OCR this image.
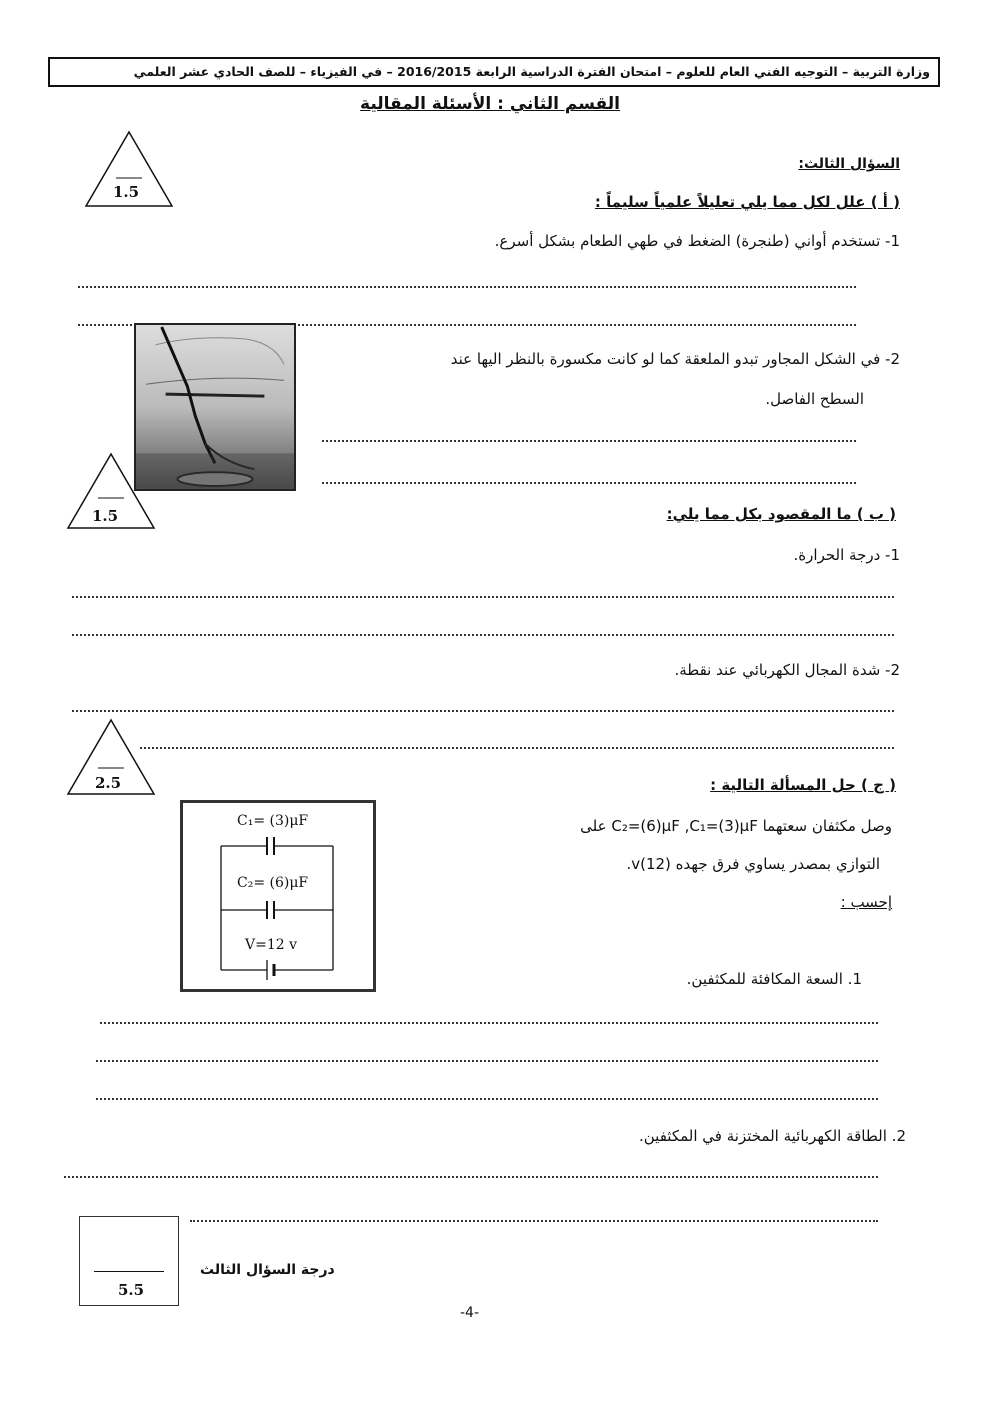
وزارة التربية – التوجيه الفني العام للعلوم – امتحان الفترة الدراسية الرابعة 2016/2015 – في الفيزياء – للصف الحادي عشر العلمي
القسم الثاني : الأسئلة المقالية
السؤال الثالث:
1.5
( أ ) علل لكل مما يلي تعليلاً علمياً سليماً :
1- تستخدم أواني (طنجرة) الضغط في طهي الطعام بشكل أسرع.
2- في الشكل المجاور تبدو الملعقة كما لو كانت مكسورة بالنظر اليها عند
السطح الفاصل.
1.5	( ب ) ما المقصود بكل مما يلي:
1- درجة الحرارة.
2- شدة المجال الكهربائي عند نقطة.
2.5	( ج ) حل المسألة التالية :
وصل مكثفان سعتهما C₂=(6)μF ,C₁=(3)μF على
التوازي بمصدر يساوي فرق جهده v(12).
إحسب :
C₁= (3)μF
C₂= (6)μF
V=12 v
1. السعة المكافئة للمكثفين.
2. الطاقة الكهربائية المختزنة في المكثفين.
5.5
درجة السؤال الثالث
-4-
